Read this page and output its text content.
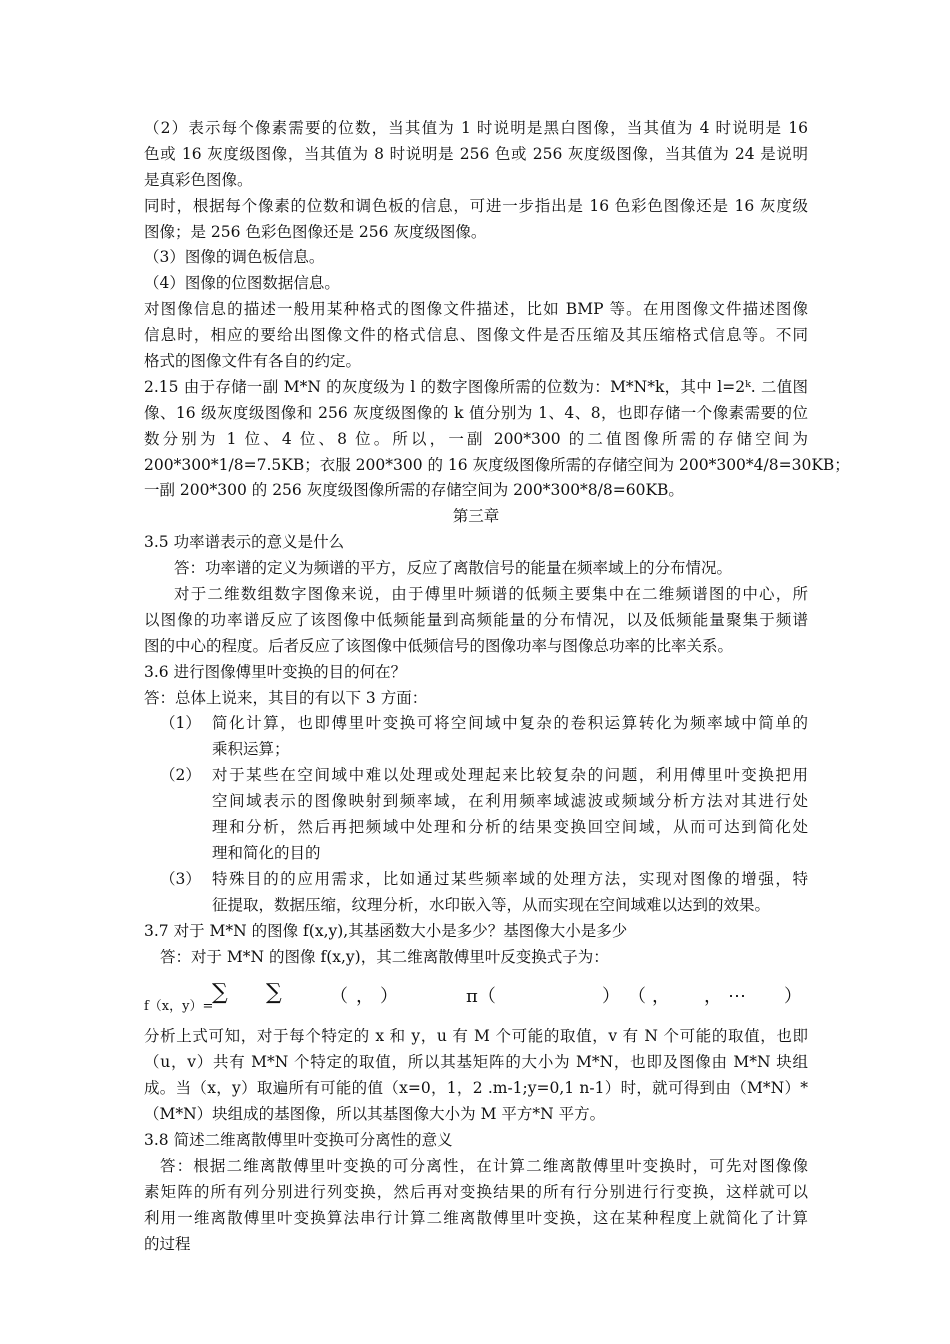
（2）表示每个像素需要的位数，当其值为 1 时说明是黑白图像，当其值为 4 时说明是 16
色或 16 灰度级图像，当其值为 8 时说明是 256 色或 256 灰度级图像，当其值为 24 是说明
是真彩色图像。
同时，根据每个像素的位数和调色板的信息，可进一步指出是 16 色彩色图像还是 16 灰度级
图像；是 256 色彩色图像还是 256 灰度级图像。
（3）图像的调色板信息。
（4）图像的位图数据信息。
对图像信息的描述一般用某种格式的图像文件描述，比如 BMP 等。在用图像文件描述图像
信息时，相应的要给出图像文件的格式信息、图像文件是否压缩及其压缩格式信息等。不同
格式的图像文件有各自的约定。
2.15 由于存储一副 M*N 的灰度级为 l 的数字图像所需的位数为：M*N*k，其中 l=2ᵏ. 二值图
像、16 级灰度级图像和 256 灰度级图像的 k 值分别为 1、4、8，也即存储一个像素需要的位
数分别为 1 位、4 位、8 位。所以，一副 200*300 的二值图像所需的存储空间为
200*300*1/8=7.5KB；衣服 200*300 的 16 灰度级图像所需的存储空间为 200*300*4/8=30KB；
一副 200*300 的 256 灰度级图像所需的存储空间为 200*300*8/8=60KB。
第三章
3.5 功率谱表示的意义是什么
答：功率谱的定义为频谱的平方，反应了离散信号的能量在频率域上的分布情况。
对于二维数组数字图像来说，由于傅里叶频谱的低频主要集中在二维频谱图的中心，所
以图像的功率谱反应了该图像中低频能量到高频能量的分布情况，以及低频能量聚集于频谱
图的中心的程度。后者反应了该图像中低频信号的图像功率与图像总功率的比率关系。
3.6 进行图像傅里叶变换的目的何在？
答：总体上说来，其目的有以下 3 方面：
（1） 简化计算，也即傅里叶变换可将空间域中复杂的卷积运算转化为频率域中简单的
乘积运算；
（2） 对于某些在空间域中难以处理或处理起来比较复杂的问题，利用傅里叶变换把用
空间域表示的图像映射到频率域，在利用频率域滤波或频域分析方法对其进行处
理和分析，然后再把频域中处理和分析的结果变换回空间域，从而可达到简化处
理和简化的目的
（3） 特殊目的的应用需求，比如通过某些频率域的处理方法，实现对图像的增强，特
征提取，数据压缩，纹理分析，水印嵌入等，从而实现在空间域难以达到的效果。
3.7 对于 M*N 的图像 f(x,y),其基函数大小是多少？基图像大小是多少
答：对于 M*N 的图像 f(x,y)，其二维离散傅里叶反变换式子为：
f（x，y）=
∑ ∑	（ ， ）	π（	） （ ， ， ⋯ ）
分析上式可知，对于每个特定的 x 和 y，u 有 M 个可能的取值，v 有 N 个可能的取值，也即
（u，v）共有 M*N 个特定的取值，所以其基矩阵的大小为 M*N，也即及图像由 M*N 块组
成。当（x，y）取遍所有可能的值（x=0，1，2 .m-1;y=0,1 n-1）时，就可得到由（M*N）*
（M*N）块组成的基图像，所以其基图像大小为 M 平方*N 平方。
3.8 简述二维离散傅里叶变换可分离性的意义
答：根据二维离散傅里叶变换的可分离性，在计算二维离散傅里叶变换时，可先对图像像
素矩阵的所有列分别进行列变换，然后再对变换结果的所有行分别进行行变换，这样就可以
利用一维离散傅里叶变换算法串行计算二维离散傅里叶变换，这在某种程度上就简化了计算
的过程
